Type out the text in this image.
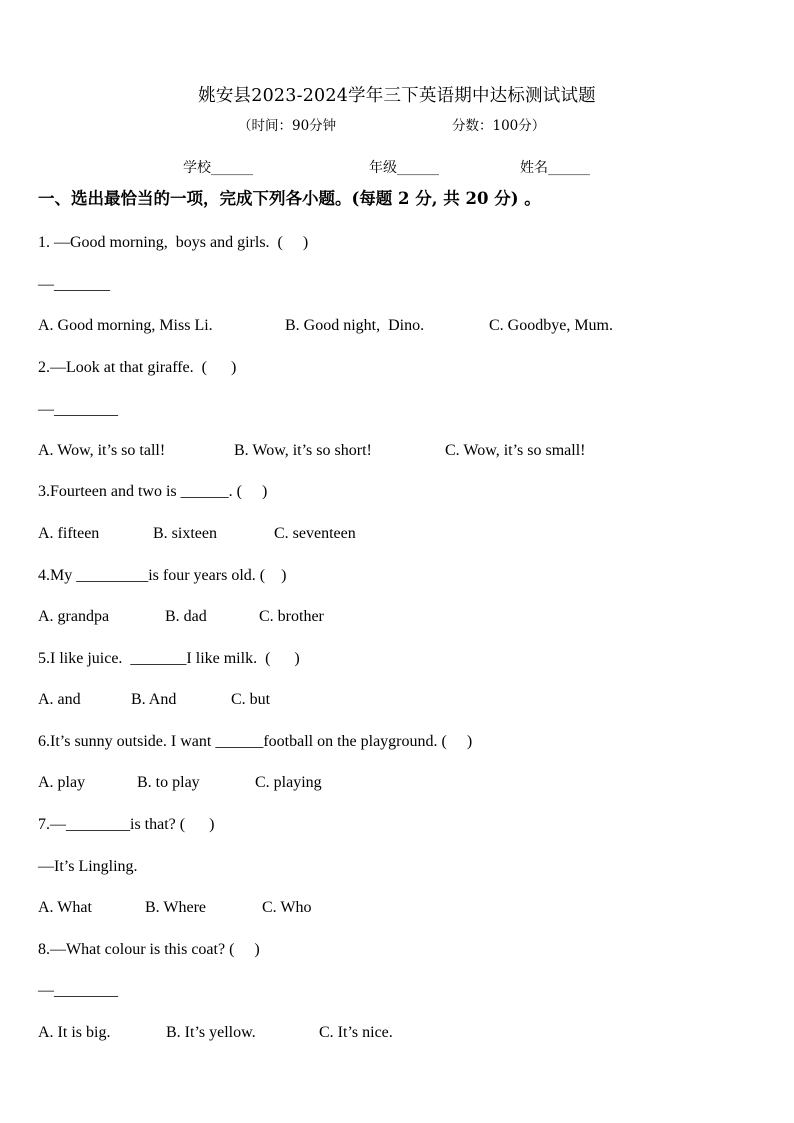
姚安县2023-2024学年三下英语期中达标测试试题
（时间：90分钟	分数：100分）
学校______	年级______	姓名______
一、选出最恰当的一项，完成下列各小题。(每题 2 分, 共 20 分) 。
1. —Good morning,  boys and girls.  (     )
—_______
A. Good morning, Miss Li.	B. Good night,  Dino.	C. Goodbye, Mum.
2.—Look at that giraffe.  (      )
—________
A. Wow, it’s so tall!	B. Wow, it’s so short!	C. Wow, it’s so small!
3.Fourteen and two is ______. (     )
A. fifteen	B. sixteen	C. seventeen
4.My _________is four years old. (    )
A. grandpa	B. dad	C. brother
5.I like juice.  _______I like milk.  (      )
A. and	B. And	C. but
6.It’s sunny outside. I want ______football on the playground. (     )
A. play	B. to play	C. playing
7.—________is that? (      )
—It’s Lingling.
A. What	B. Where	C. Who
8.—What colour is this coat? (     )
—________
A. It is big.	B. It’s yellow.	C. It’s nice.
